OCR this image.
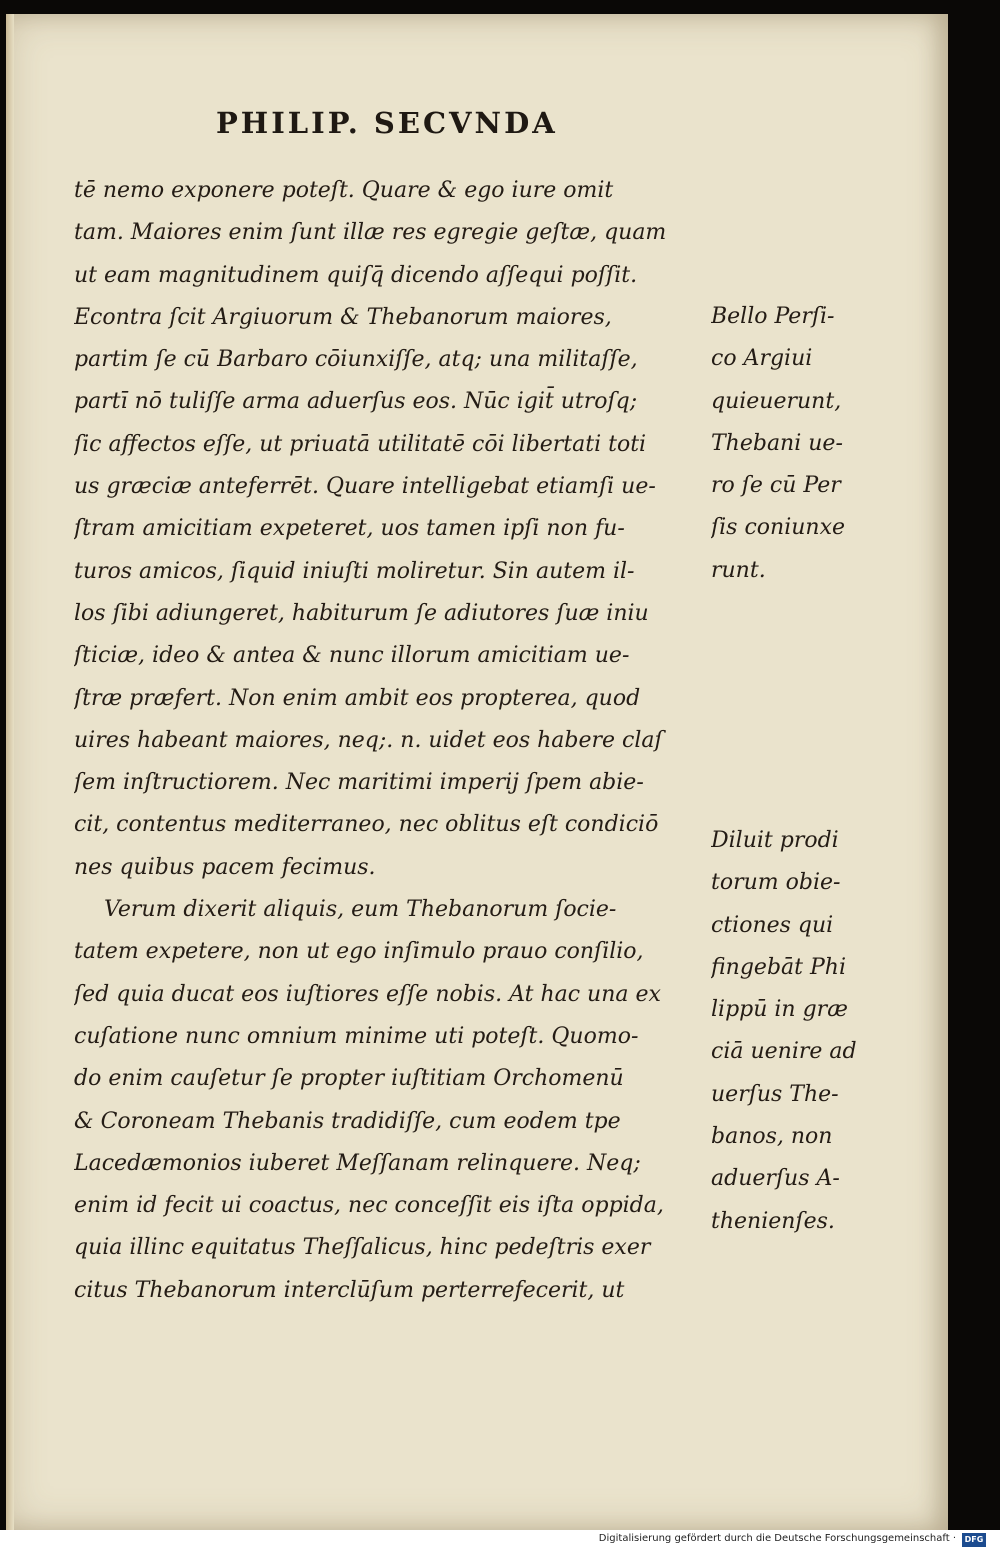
PHILIP. SECVNDA
tē nemo exponere poteſt. Quare & ego iure omit
tam. Maiores enim ſunt illæ res egregie geſtæ, quam
ut eam magnitudinem quiſq̄ dicendo aſſequi poſſit.
Econtra ſcit Argiuorum & Thebanorum maiores,
partim ſe cū Barbaro cōiunxiſſe, atq; una militaſſe,
partī nō tuliſſe arma aduerſus eos. Nūc igit̄ utroſq;
ſic affectos eſſe, ut priuatā utilitatē cōi libertati toti
us græciæ anteferrēt. Quare intelligebat etiamſi ue-
ſtram amicitiam expeteret, uos tamen ipſi non fu-
turos amicos, ſiquid iniuſti moliretur. Sin autem il-
los ſibi adiungeret, habiturum ſe adiutores ſuæ iniu
ſticiæ, ideo & antea & nunc illorum amicitiam ue-
ſtræ præfert. Non enim ambit eos propterea, quod
uires habeant maiores, neq;. n. uidet eos habere claſ
ſem inſtructiorem. Nec maritimi imperij ſpem abie-
cit, contentus mediterraneo, nec oblitus eſt condiciō
nes quibus pacem fecimus.
Verum dixerit aliquis, eum Thebanorum ſocie-
tatem expetere, non ut ego inſimulo prauo conſilio,
ſed quia ducat eos iuſtiores eſſe nobis. At hac una ex
cuſatione nunc omnium minime uti poteſt. Quomo-
do enim cauſetur ſe propter iuſtitiam Orchomenū
& Coroneam Thebanis tradidiſſe, cum eodem tpe
Lacedæmonios iuberet Meſſanam relinquere. Neq;
enim id fecit ui coactus, nec conceſſit eis iſta oppida,
quia illinc equitatus Theſſalicus, hinc pedeſtris exer
citus Thebanorum interclūſum perterrefecerit, ut
Bello Perſi-
co Argiui
quieuerunt,
Thebani ue-
ro ſe cū Per
ſis coniunxe
runt.
Diluit prodi
torum obie-
ctiones qui
fingebāt Phi
lippū in græ
ciā uenire ad
uerſus The-
banos, non
aduerſus A-
thenienſes.
Digitalisierung gefördert durch die Deutsche Forschungsgemeinschaft ·	DFG
